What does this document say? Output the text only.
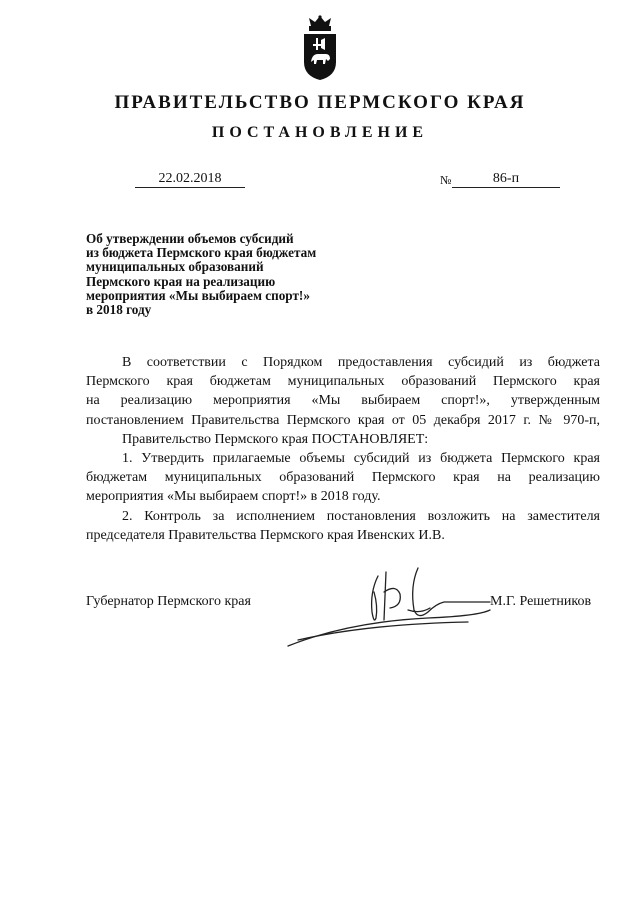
ПРАВИТЕЛЬСТВО ПЕРМСКОГО КРАЯ
ПОСТАНОВЛЕНИЕ
22.02.2018	№	86-п
Об утверждении объемов субсидий
из бюджета Пермского края бюджетам
муниципальных образований
Пермского края на реализацию
мероприятия «Мы выбираем спорт!»
в 2018 году
В соответствии с Порядком предоставления субсидий из бюджета
Пермского края бюджетам муниципальных образований Пермского края
на реализацию мероприятия «Мы выбираем спорт!», утвержденным
постановлением Правительства Пермского края от 05 декабря 2017 г. № 970-п,
Правительство Пермского края ПОСТАНОВЛЯЕТ:
1. Утвердить прилагаемые объемы субсидий из бюджета Пермского края
бюджетам муниципальных образований Пермского края на реализацию
мероприятия «Мы выбираем спорт!» в 2018 году.
2. Контроль за исполнением постановления возложить на заместителя
председателя Правительства Пермского края Ивенских И.В.
Губернатор Пермского края	М.Г. Решетников
